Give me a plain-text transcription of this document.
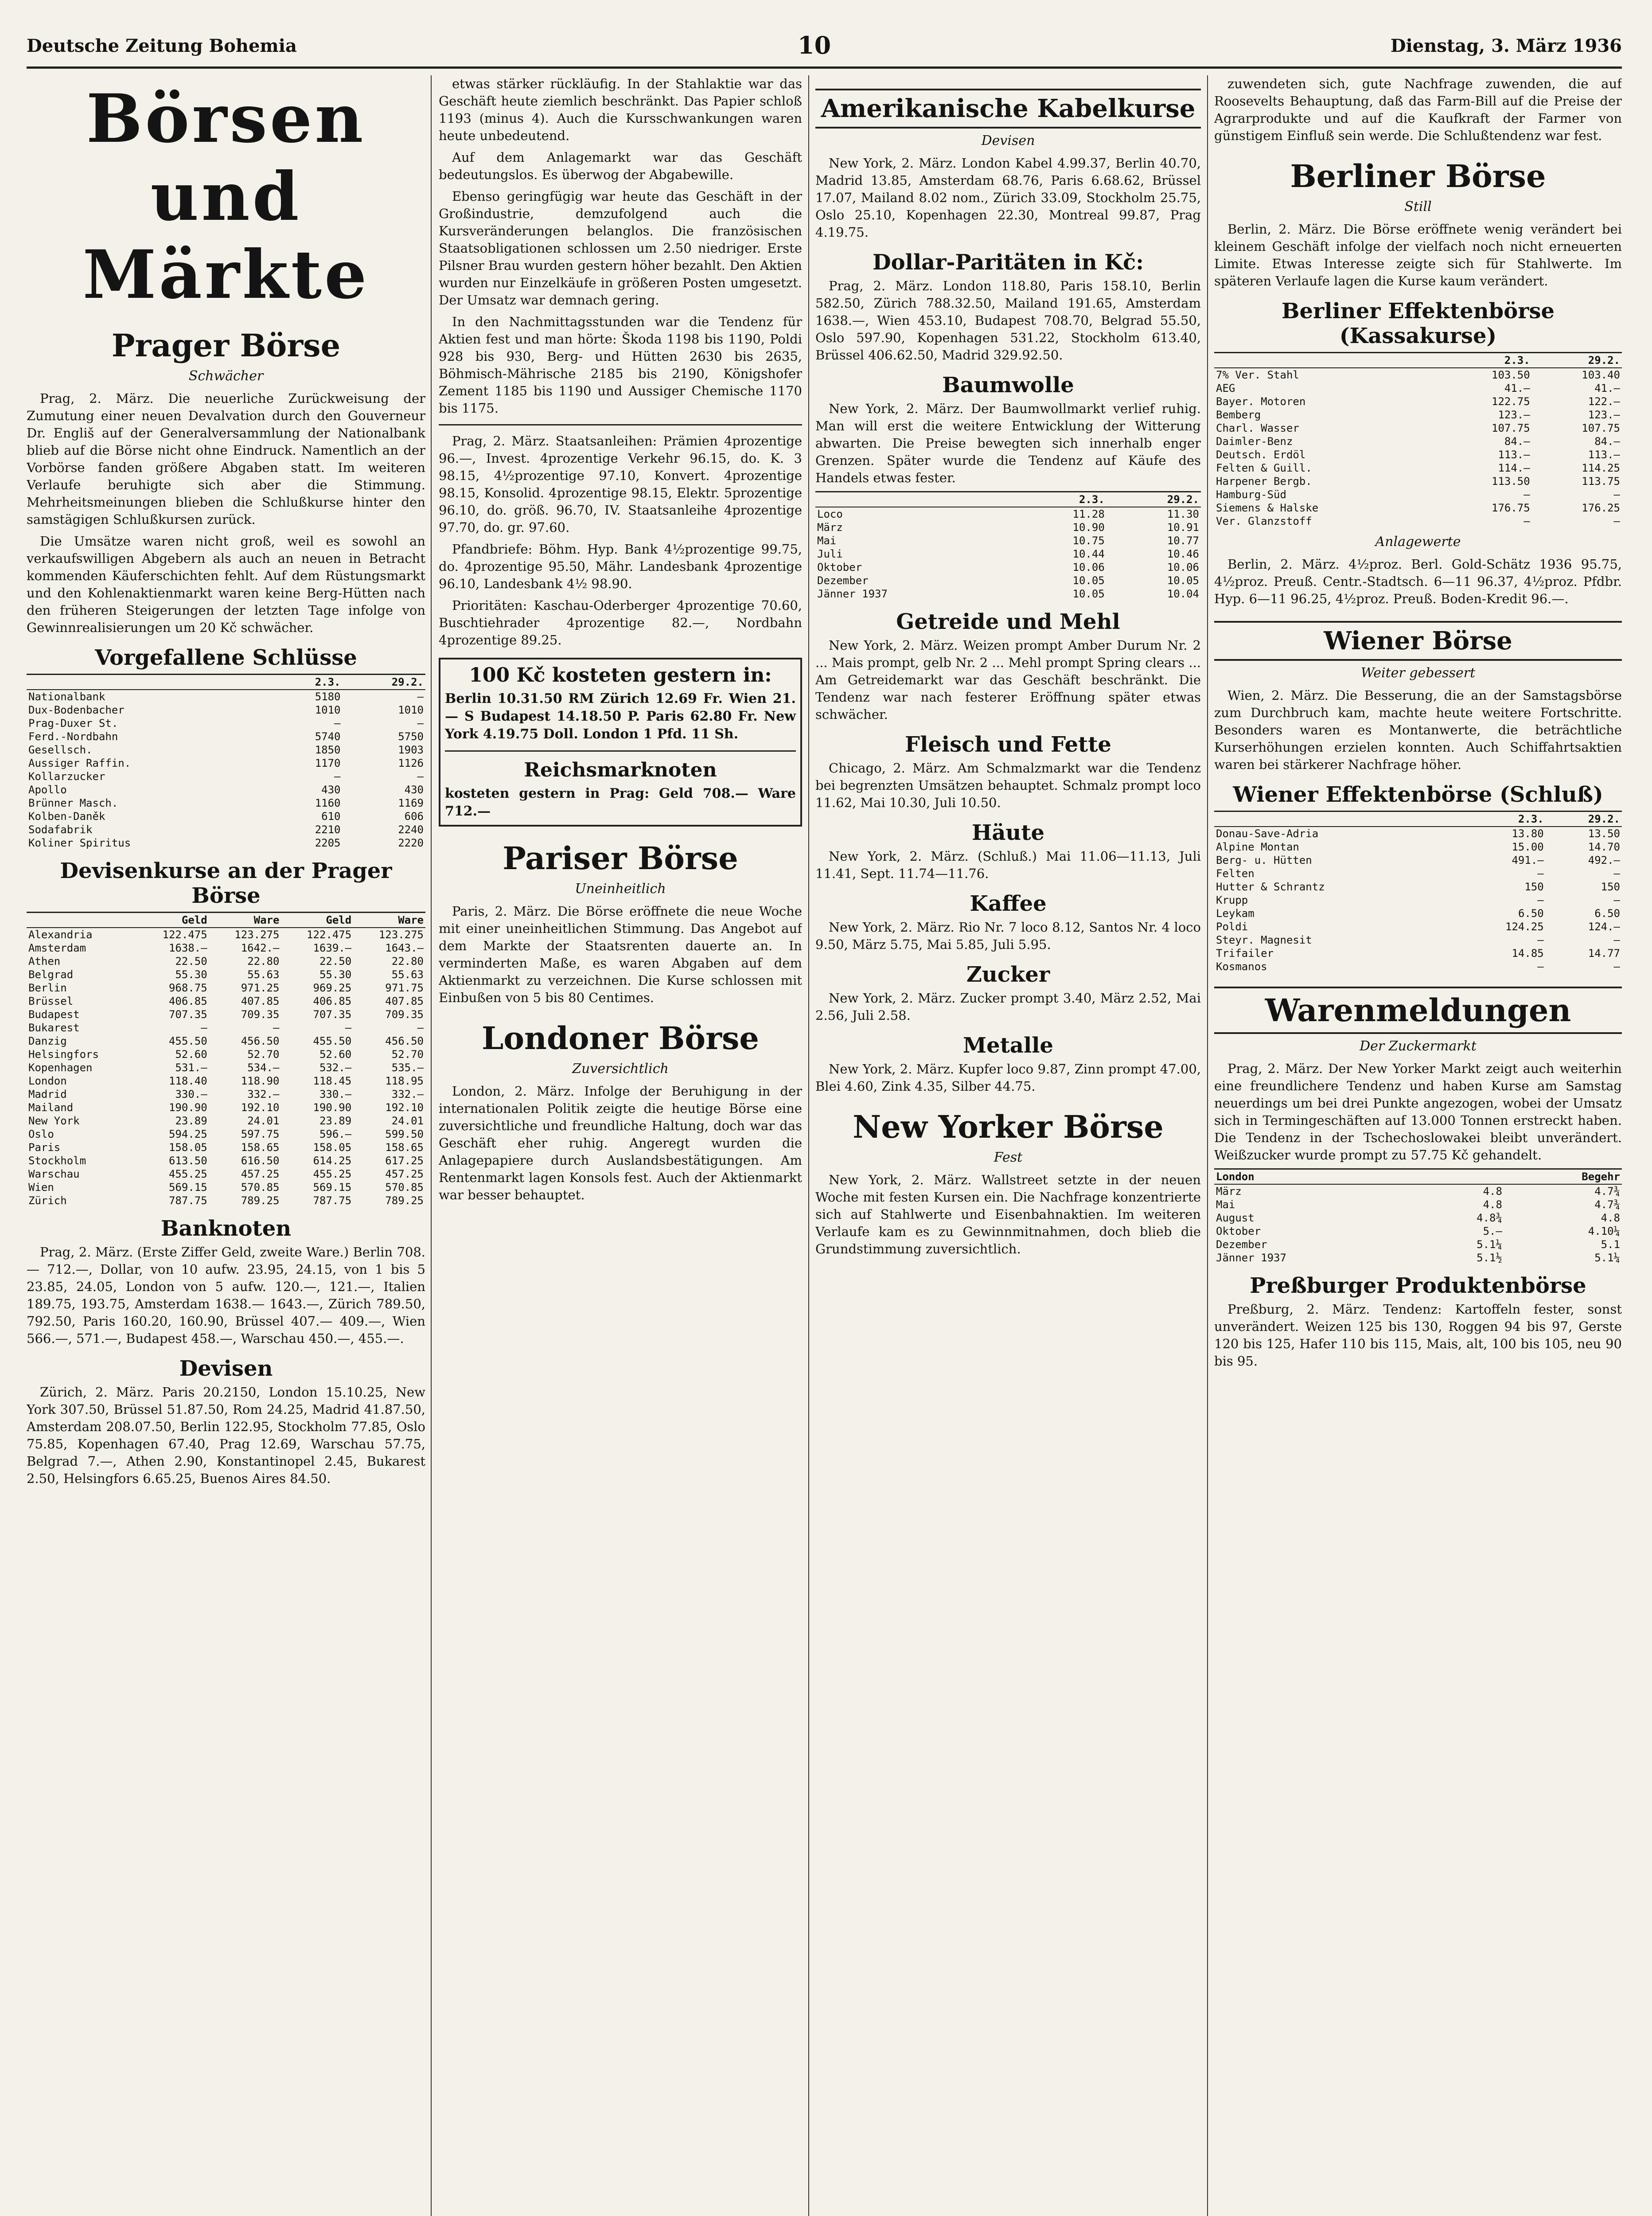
Deutsche Zeitung Bohemia	10	Dienstag, 3. März 1936
Börsen und Märkte
Prager Börse
Schwächer

Prag, 2. März. Die neuerliche Zurückweisung der Zumutung einer neuen Devalvation durch den Gouverneur Dr. Engliš auf der Generalversammlung der Nationalbank blieb auf die Börse nicht ohne Eindruck. Namentlich an der Vorbörse fanden größere Abgaben statt. Im weiteren Verlaufe beruhigte sich aber die Stimmung. Mehrheitsmeinungen blieben die Schlußkurse hinter den samstägigen Schlußkursen zurück.

Die Umsätze waren nicht groß, weil es sowohl an verkaufswilligen Abgebern als auch an neuen in Betracht kommenden Käuferschichten fehlt. Auf dem Rüstungsmarkt und den Kohlenaktienmarkt waren keine Berg-Hütten nach den früheren Steigerungen der letzten Tage infolge von Gewinnrealisierungen um 20 Kč schwächer.

Vorgefallene Schlüsse
	2.3.	29.2.
Nationalbank	5180	—
Dux-Bodenbacher	1010	1010
Prag-Duxer St.	—	—
Ferd.-Nordbahn	5740	5750
Gesellsch.	1850	1903
Aussiger Raffin.	1170	1126
Kollarzucker	—	—
Apollo	430	430
Brünner Masch.	1160	1169
Kolben-Daněk	610	606
Sodafabrik	2210	2240
Koliner Spiritus	2205	2220
Devisenkurse an der Prager Börse
	Geld	Ware	Geld	Ware
Alexandria	122.475	123.275	122.475	123.275
Amsterdam	1638.—	1642.—	1639.—	1643.—
Athen	22.50	22.80	22.50	22.80
Belgrad	55.30	55.63	55.30	55.63
Berlin	968.75	971.25	969.25	971.75
Brüssel	406.85	407.85	406.85	407.85
Budapest	707.35	709.35	707.35	709.35
Bukarest	—	—	—	—
Danzig	455.50	456.50	455.50	456.50
Helsingfors	52.60	52.70	52.60	52.70
Kopenhagen	531.—	534.—	532.—	535.—
London	118.40	118.90	118.45	118.95
Madrid	330.—	332.—	330.—	332.—
Mailand	190.90	192.10	190.90	192.10
New York	23.89	24.01	23.89	24.01
Oslo	594.25	597.75	596.—	599.50
Paris	158.05	158.65	158.05	158.65
Stockholm	613.50	616.50	614.25	617.25
Warschau	455.25	457.25	455.25	457.25
Wien	569.15	570.85	569.15	570.85
Zürich	787.75	789.25	787.75	789.25
Banknoten

Prag, 2. März. (Erste Ziffer Geld, zweite Ware.) Berlin 708.— 712.—, Dollar, von 10 aufw. 23.95, 24.15, von 1 bis 5 23.85, 24.05, London von 5 aufw. 120.—, 121.—, Italien 189.75, 193.75, Amsterdam 1638.— 1643.—, Zürich 789.50, 792.50, Paris 160.20, 160.90, Brüssel 407.— 409.—, Wien 566.—, 571.—, Budapest 458.—, Warschau 450.—, 455.—.

Devisen

Zürich, 2. März. Paris 20.2150, London 15.10.25, New York 307.50, Brüssel 51.87.50, Rom 24.25, Madrid 41.87.50, Amsterdam 208.07.50, Berlin 122.95, Stockholm 77.85, Oslo 75.85, Kopenhagen 67.40, Prag 12.69, Warschau 57.75, Belgrad 7.—, Athen 2.90, Konstantinopel 2.45, Bukarest 2.50, Helsingfors 6.65.25, Buenos Aires 84.50.

etwas stärker rückläufig. In der Stahlaktie war das Geschäft heute ziemlich beschränkt. Das Papier schloß 1193 (minus 4). Auch die Kursschwankungen waren heute unbedeutend.

Auf dem Anlagemarkt war das Geschäft bedeutungslos. Es überwog der Abgabewille.

Ebenso geringfügig war heute das Geschäft in der Großindustrie, demzufolgend auch die Kursveränderungen belanglos. Die französischen Staatsobligationen schlossen um 2.50 niedriger. Erste Pilsner Brau wurden gestern höher bezahlt. Den Aktien wurden nur Einzelkäufe in größeren Posten umgesetzt. Der Umsatz war demnach gering.

In den Nachmittagsstunden war die Tendenz für Aktien fest und man hörte: Škoda 1198 bis 1190, Poldi 928 bis 930, Berg- und Hütten 2630 bis 2635, Böhmisch-Mährische 2185 bis 2190, Königshofer Zement 1185 bis 1190 und Aussiger Chemische 1170 bis 1175.

Prag, 2. März. Staatsanleihen: Prämien 4prozentige 96.—, Invest. 4prozentige Verkehr 96.15, do. K. 3 98.15, 4½prozentige 97.10, Konvert. 4prozentige 98.15, Konsolid. 4prozentige 98.15, Elektr. 5prozentige 96.10, do. größ. 96.70, IV. Staatsanleihe 4prozentige 97.70, do. gr. 97.60.

Pfandbriefe: Böhm. Hyp. Bank 4½prozentige 99.75, do. 4prozentige 95.50, Mähr. Landesbank 4prozentige 96.10, Landesbank 4½ 98.90.

Prioritäten: Kaschau-Oderberger 4prozentige 70.60, Buschtiehrader 4prozentige 82.—, Nordbahn 4prozentige 89.25.

100 Kč kosteten gestern in:
Berlin 10.31.50 RM Zürich 12.69 Fr. Wien 21.— S Budapest 14.18.50 P. Paris 62.80 Fr. New York 4.19.75 Doll. London 1 Pfd. 11 Sh.
Reichsmarknoten
kosteten gestern in Prag: Geld 708.— Ware 712.—
Pariser Börse
Uneinheitlich

Paris, 2. März. Die Börse eröffnete die neue Woche mit einer uneinheitlichen Stimmung. Das Angebot auf dem Markte der Staatsrenten dauerte an. In verminderten Maße, es waren Abgaben auf dem Aktienmarkt zu verzeichnen. Die Kurse schlossen mit Einbußen von 5 bis 80 Centimes.

Londoner Börse
Zuversichtlich

London, 2. März. Infolge der Beruhigung in der internationalen Politik zeigte die heutige Börse eine zuversichtliche und freundliche Haltung, doch war das Geschäft eher ruhig. Angeregt wurden die Anlagepapiere durch Auslandsbestätigungen. Am Rentenmarkt lagen Konsols fest. Auch der Aktienmarkt war besser behauptet.

Amerikanische Kabelkurse
Devisen

New York, 2. März. London Kabel 4.99.37, Berlin 40.70, Madrid 13.85, Amsterdam 68.76, Paris 6.68.62, Brüssel 17.07, Mailand 8.02 nom., Zürich 33.09, Stockholm 25.75, Oslo 25.10, Kopenhagen 22.30, Montreal 99.87, Prag 4.19.75.

Dollar-Paritäten in Kč:

Prag, 2. März. London 118.80, Paris 158.10, Berlin 582.50, Zürich 788.32.50, Mailand 191.65, Amsterdam 1638.—, Wien 453.10, Budapest 708.70, Belgrad 55.50, Oslo 597.90, Kopenhagen 531.22, Stockholm 613.40, Brüssel 406.62.50, Madrid 329.92.50.

Baumwolle

New York, 2. März. Der Baumwollmarkt verlief ruhig. Man will erst die weitere Entwicklung der Witterung abwarten. Die Preise bewegten sich innerhalb enger Grenzen. Später wurde die Tendenz auf Käufe des Handels etwas fester.

	2.3.	29.2.
Loco	11.28	11.30
März	10.90	10.91
Mai	10.75	10.77
Juli	10.44	10.46
Oktober	10.06	10.06
Dezember	10.05	10.05
Jänner 1937	10.05	10.04
Getreide und Mehl

New York, 2. März. Weizen prompt Amber Durum Nr. 2 ... Mais prompt, gelb Nr. 2 ... Mehl prompt Spring clears ... Am Getreidemarkt war das Geschäft beschränkt. Die Tendenz war nach festerer Eröffnung später etwas schwächer.

Fleisch und Fette

Chicago, 2. März. Am Schmalzmarkt war die Tendenz bei begrenzten Umsätzen behauptet. Schmalz prompt loco 11.62, Mai 10.30, Juli 10.50.

Häute

New York, 2. März. (Schluß.) Mai 11.06—11.13, Juli 11.41, Sept. 11.74—11.76.

Kaffee

New York, 2. März. Rio Nr. 7 loco 8.12, Santos Nr. 4 loco 9.50, März 5.75, Mai 5.85, Juli 5.95.

Zucker

New York, 2. März. Zucker prompt 3.40, März 2.52, Mai 2.56, Juli 2.58.

Metalle

New York, 2. März. Kupfer loco 9.87, Zinn prompt 47.00, Blei 4.60, Zink 4.35, Silber 44.75.

New Yorker Börse
Fest

New York, 2. März. Wallstreet setzte in der neuen Woche mit festen Kursen ein. Die Nachfrage konzentrierte sich auf Stahlwerte und Eisenbahnaktien. Im weiteren Verlaufe kam es zu Gewinnmitnahmen, doch blieb die Grundstimmung zuversichtlich.

zuwendeten sich, gute Nachfrage zuwenden, die auf Roosevelts Behauptung, daß das Farm-Bill auf die Preise der Agrarprodukte und auf die Kaufkraft der Farmer von günstigem Einfluß sein werde. Die Schlußtendenz war fest.

Berliner Börse
Still

Berlin, 2. März. Die Börse eröffnete wenig verändert bei kleinem Geschäft infolge der vielfach noch nicht erneuerten Limite. Etwas Interesse zeigte sich für Stahlwerte. Im späteren Verlaufe lagen die Kurse kaum verändert.

Berliner Effektenbörse (Kassakurse)
	2.3.	29.2.
7% Ver. Stahl	103.50	103.40
AEG	41.—	41.—
Bayer. Motoren	122.75	122.—
Bemberg	123.—	123.—
Charl. Wasser	107.75	107.75
Daimler-Benz	84.—	84.—
Deutsch. Erdöl	113.—	113.—
Felten & Guill.	114.—	114.25
Harpener Bergb.	113.50	113.75
Hamburg-Süd	—	—
Siemens & Halske	176.75	176.25
Ver. Glanzstoff	—	—
Anlagewerte

Berlin, 2. März. 4½proz. Berl. Gold-Schätz 1936 95.75, 4½proz. Preuß. Centr.-Stadtsch. 6—11 96.37, 4½proz. Pfdbr. Hyp. 6—11 96.25, 4½proz. Preuß. Boden-Kredit 96.—.

Wiener Börse
Weiter gebessert

Wien, 2. März. Die Besserung, die an der Samstagsbörse zum Durchbruch kam, machte heute weitere Fortschritte. Besonders waren es Montanwerte, die beträchtliche Kurserhöhungen erzielen konnten. Auch Schiffahrtsaktien waren bei stärkerer Nachfrage höher.

Wiener Effektenbörse (Schluß)
	2.3.	29.2.
Donau-Save-Adria	13.80	13.50
Alpine Montan	15.00	14.70
Berg- u. Hütten	491.—	492.—
Felten	—	—
Hutter & Schrantz	150	150
Krupp	—	—
Leykam	6.50	6.50
Poldi	124.25	124.—
Steyr. Magnesit	—	—
Trifailer	14.85	14.77
Kosmanos	—	—
Warenmeldungen
Der Zuckermarkt

Prag, 2. März. Der New Yorker Markt zeigt auch weiterhin eine freundlichere Tendenz und haben Kurse am Samstag neuerdings um bei drei Punkte angezogen, wobei der Umsatz sich in Termingeschäften auf 13.000 Tonnen erstreckt haben. Die Tendenz in der Tschechoslowakei bleibt unverändert. Weißzucker wurde prompt zu 57.75 Kč gehandelt.

London		Begehr
März	4.8	4.7¾
Mai	4.8	4.7¾
August	4.8¾	4.8
Oktober	5.—	4.10¼
Dezember	5.1¼	5.1
Jänner 1937	5.1½	5.1¼
Preßburger Produktenbörse

Preßburg, 2. März. Tendenz: Kartoffeln fester, sonst unverändert. Weizen 125 bis 130, Roggen 94 bis 97, Gerste 120 bis 125, Hafer 110 bis 115, Mais, alt, 100 bis 105, neu 90 bis 95.
